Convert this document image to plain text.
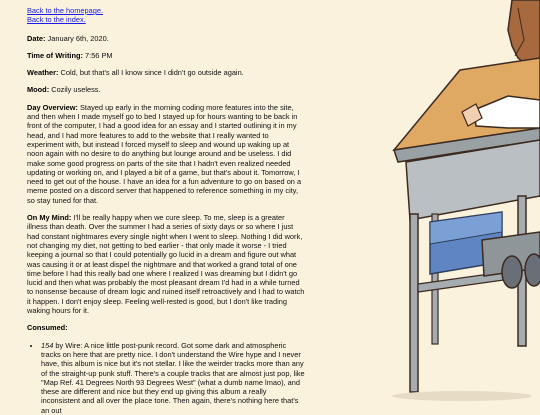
Back to the homepage.
Back to the index.

Date: January 6th, 2020.

Time of Writing: 7:56 PM

Weather: Cold, but that's all I know since I didn't go outside again.

Mood: Cozily useless.

Day Overview: Stayed up early in the morning coding more features into the site, and then when I made myself go to bed I stayed up for hours wanting to be back in front of the computer, I had a good idea for an essay and I started outlining it in my head, and I had more features to add to the website that I really wanted to experiment with, but instead I forced myself to sleep and wound up waking up at noon again with no desire to do anything but lounge around and be useless. I did make some good progress on parts of the site that I hadn't even realized needed updating or working on, and I played a bit of a game, but that's about it. Tomorrow, I need to get out of the house. I have an idea for a fun adventure to go on based on a meme posted on a discord server that happened to reference something in my city, so stay tuned for that.

On My Mind: I'll be really happy when we cure sleep. To me, sleep is a greater illness than death. Over the summer I had a series of sixty days or so where I just had constant nightmares every single night when I went to sleep. Nothing I did work, not changing my diet, not getting to bed earlier - that only made it worse - I tried keeping a journal so that I could potentially go lucid in a dream and figure out what was causing it or at least dispel the nightmare and that worked a grand total of one time before I had this really bad one where I realized I was dreaming but I didn't go lucid and then what was probably the most pleasant dream I'd had in a while turned to nonsense because of dream logic and ruined itself retroactively and I had to watch it happen. I don't enjoy sleep. Feeling well-rested is good, but I don't like trading waking hours for it.

Consumed:

• 154 by Wire: A nice little post-punk record. Got some dark and atmospheric tracks on here that are pretty nice. I don't understand the Wire hype and I never have, this album is nice but it's not stellar. I like the weirder tracks more than any of the straight-up punk stuff. There's a couple tracks that are almost just pop, like "Map Ref. 41 Degrees North 93 Degrees West" (what a dumb name lmao), and these are different and nice but they end up giving this album a really inconsistent and all over the place tone. Then again, there's nothing here that's an out
